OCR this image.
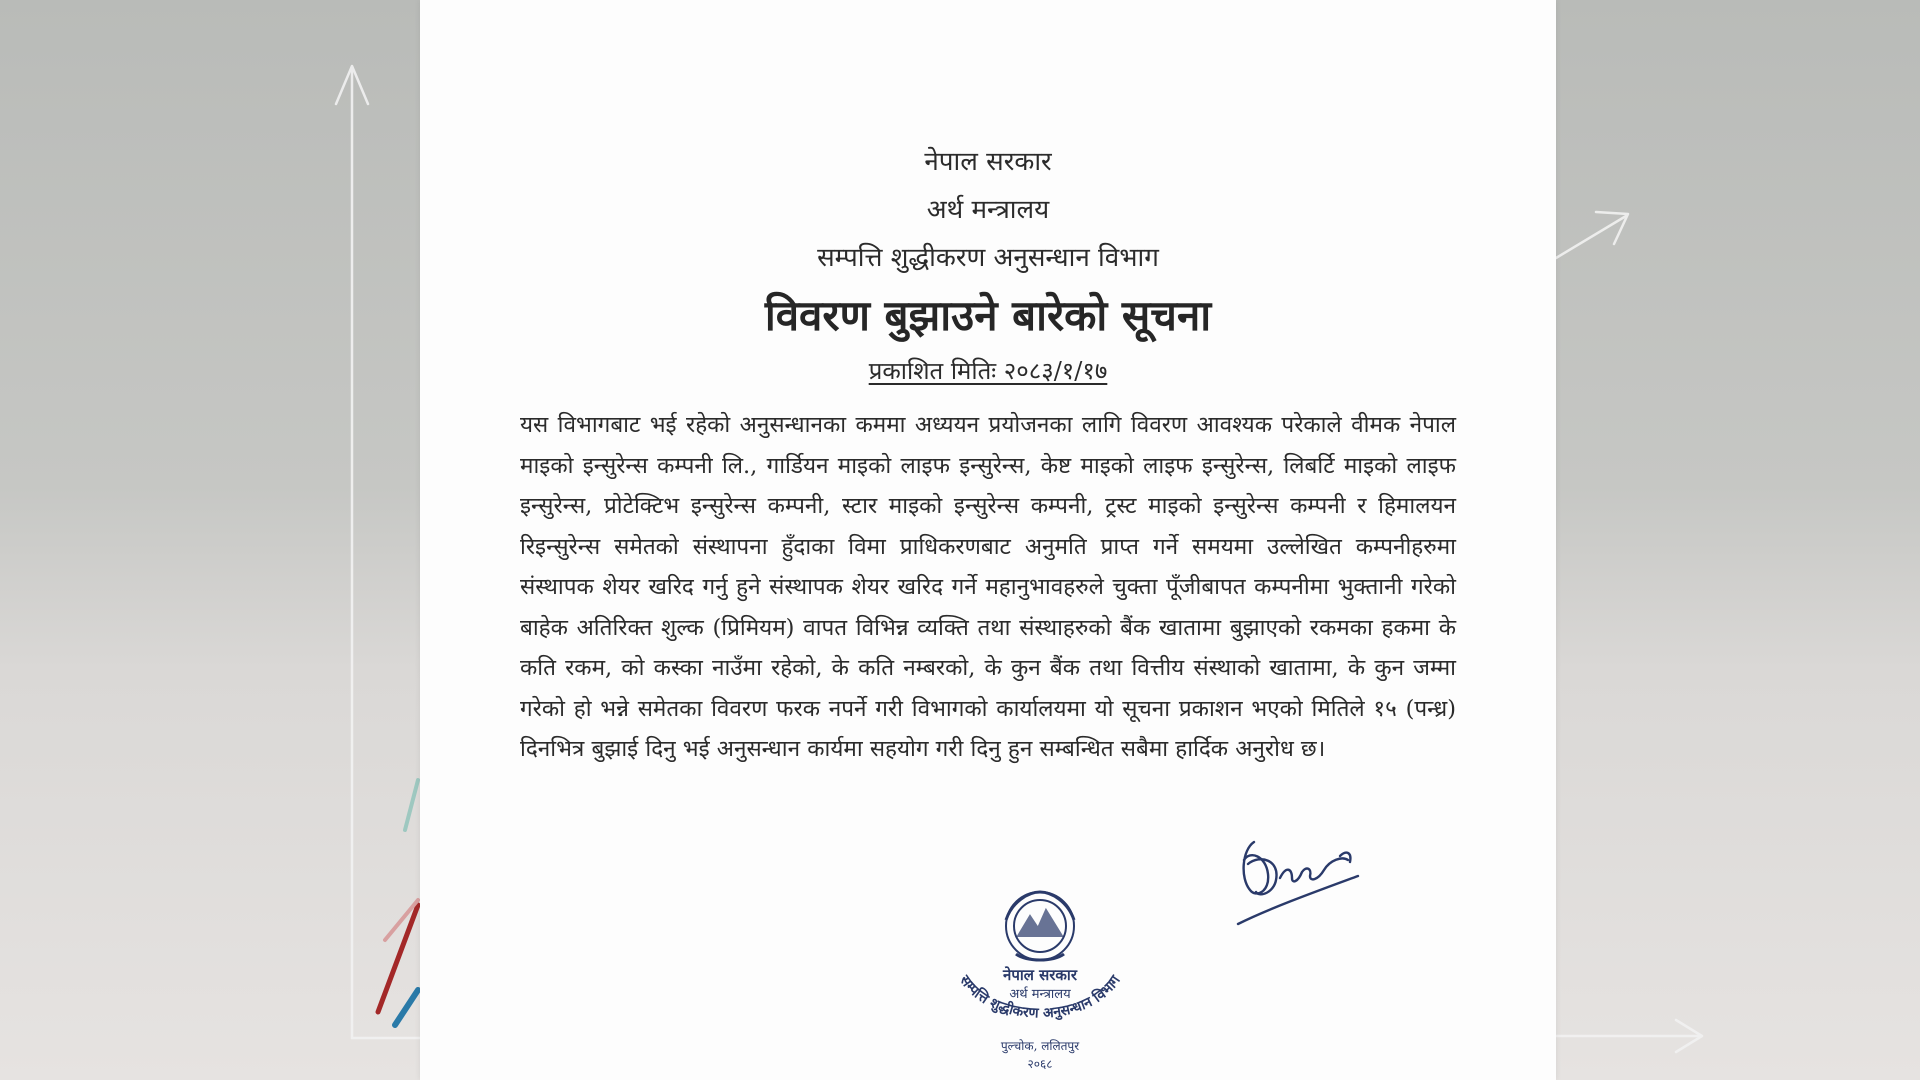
नेपाल सरकार
अर्थ मन्त्रालय
सम्पत्ति शुद्धीकरण अनुसन्धान विभाग
विवरण बुझाउने बारेको सूचना
प्रकाशित मितिः २०८३/१/१७
यस विभागबाट भई रहेको अनुसन्धानका कममा अध्ययन प्रयोजनका लागि विवरण आवश्यक परेकाले वीमक नेपाल माइको इन्सुरेन्स कम्पनी लि., गार्डियन माइको लाइफ इन्सुरेन्स, केष्ट माइको लाइफ इन्सुरेन्स, लिबर्टि माइको लाइफ इन्सुरेन्स, प्रोटेक्टिभ इन्सुरेन्स कम्पनी, स्टार माइको इन्सुरेन्स कम्पनी, ट्रस्ट माइको इन्सुरेन्स कम्पनी र हिमालयन रिइन्सुरेन्स समेतको संस्थापना हुँदाका विमा प्राधिकरणबाट अनुमति प्राप्त गर्ने समयमा उल्लेखित कम्पनीहरुमा संस्थापक शेयर खरिद गर्नु हुने संस्थापक शेयर खरिद गर्ने महानुभावहरुले चुक्ता पूँजीबापत कम्पनीमा भुक्तानी गरेको बाहेक अतिरिक्त शुल्क (प्रिमियम) वापत विभिन्न व्यक्ति तथा संस्थाहरुको बैंक खातामा बुझाएको रकमका हकमा के कति रकम, को कस्का नाउँमा रहेको, के कति नम्बरको, के कुन बैंक तथा वित्तीय संस्थाको खातामा, के कुन जम्मा गरेको हो भन्ने समेतका विवरण फरक नपर्ने गरी विभागको कार्यालयमा यो सूचना प्रकाशन भएको मितिले १५ (पन्ध्र) दिनभित्र बुझाई दिनु भई अनुसन्धान कार्यमा सहयोग गरी दिनु हुन सम्बन्धित सबैमा हार्दिक अनुरोध छ।
नेपाल सरकार
अर्थ मन्त्रालय
सम्पत्ति शुद्धीकरण अनुसन्धान विभाग
पुल्चोक, ललितपुर
२०६८
